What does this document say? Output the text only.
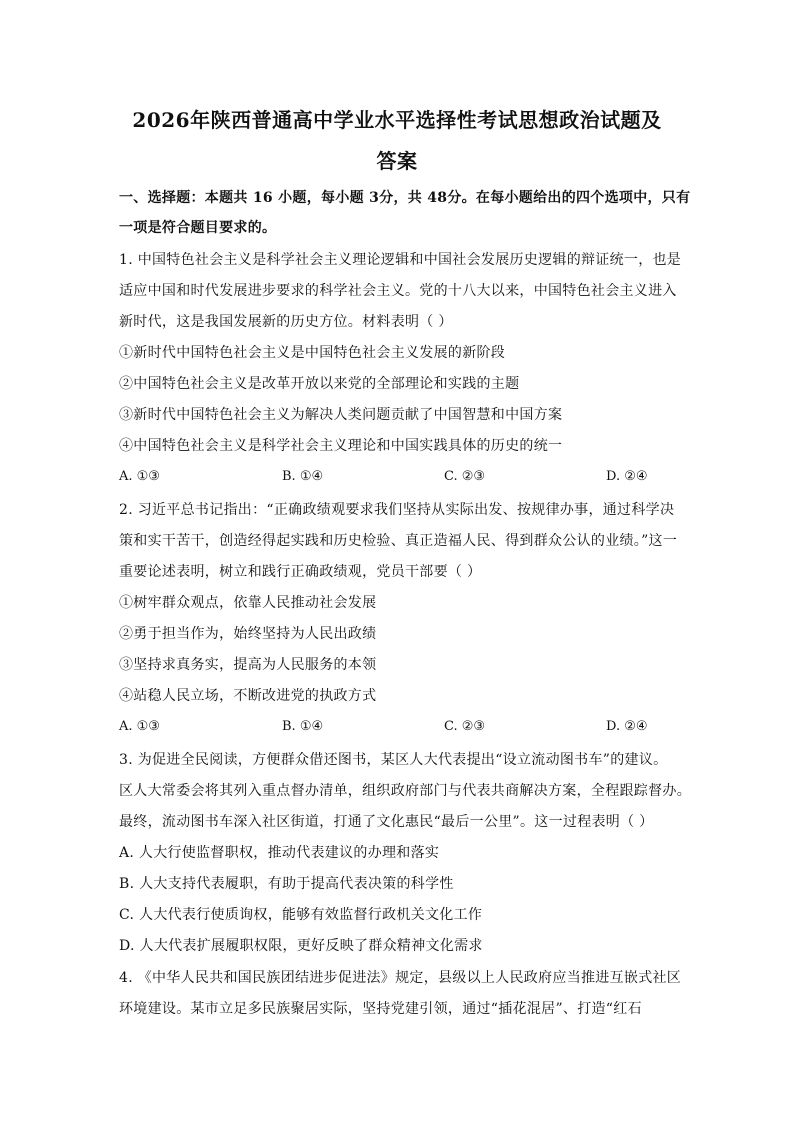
2026年陕西普通高中学业水平选择性考试思想政治试题及
答案
一、选择题：本题共 16 小题，每小题 3分，共 48分。在每小题给出的四个选项中，只有
一项是符合题目要求的。
1. 中国特色社会主义是科学社会主义理论逻辑和中国社会发展历史逻辑的辩证统一，也是
适应中国和时代发展进步要求的科学社会主义。党的十八大以来，中国特色社会主义进入
新时代，这是我国发展新的历史方位。材料表明（ ）
①新时代中国特色社会主义是中国特色社会主义发展的新阶段
②中国特色社会主义是改革开放以来党的全部理论和实践的主题
③新时代中国特色社会主义为解决人类问题贡献了中国智慧和中国方案
④中国特色社会主义是科学社会主义理论和中国实践具体的历史的统一
A. ①③	B. ①④	C. ②③	D. ②④
2. 习近平总书记指出：“正确政绩观要求我们坚持从实际出发、按规律办事，通过科学决
策和实干苦干，创造经得起实践和历史检验、真正造福人民、得到群众公认的业绩。”这一
重要论述表明，树立和践行正确政绩观，党员干部要（ ）
①树牢群众观点，依靠人民推动社会发展
②勇于担当作为，始终坚持为人民出政绩
③坚持求真务实，提高为人民服务的本领
④站稳人民立场，不断改进党的执政方式
A. ①③	B. ①④	C. ②③	D. ②④
3. 为促进全民阅读，方便群众借还图书，某区人大代表提出“设立流动图书车”的建议。
区人大常委会将其列入重点督办清单，组织政府部门与代表共商解决方案，全程跟踪督办。
最终，流动图书车深入社区街道，打通了文化惠民“最后一公里”。这一过程表明（ ）
A. 人大行使监督职权，推动代表建议的办理和落实
B. 人大支持代表履职，有助于提高代表决策的科学性
C. 人大代表行使质询权，能够有效监督行政机关文化工作
D. 人大代表扩展履职权限，更好反映了群众精神文化需求
4. 《中华人民共和国民族团结进步促进法》规定，县级以上人民政府应当推进互嵌式社区
环境建设。某市立足多民族聚居实际，坚持党建引领，通过“插花混居”、打造“红石
